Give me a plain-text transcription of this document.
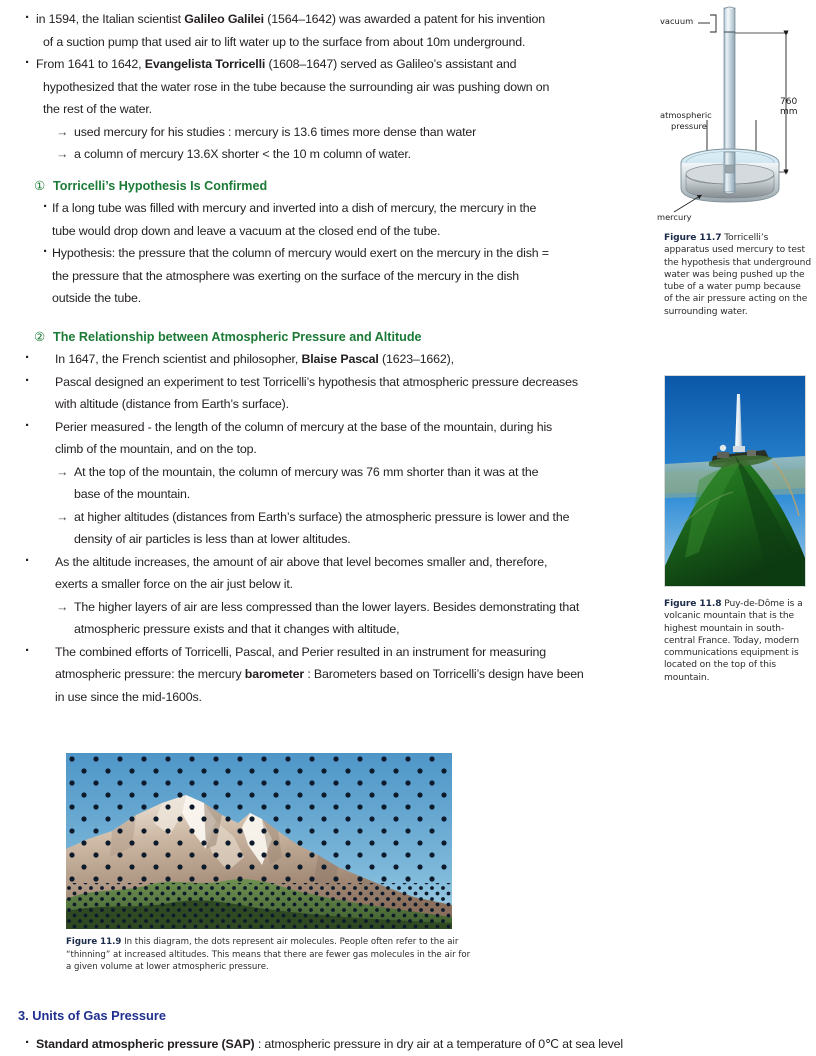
· in 1594, the Italian scientist Galileo Galilei (1564–1642) was awarded a patent for his invention
of a suction pump that used air to lift water up to the surface from about 10m underground.
· From 1641 to 1642, Evangelista Torricelli (1608–1647) served as Galileo’s assistant and
hypothesized that the water rose in the tube because the surrounding air was pushing down on
the rest of the water.
→ used mercury for his studies : mercury is 13.6 times more dense than water
→ a column of mercury 13.6X shorter < the 10 m column of water.
① Torricelli’s Hypothesis Is Confirmed
· If a long tube was filled with mercury and inverted into a dish of mercury, the mercury in the
tube would drop down and leave a vacuum at the closed end of the tube.
· Hypothesis: the pressure that the column of mercury would exert on the mercury in the dish =
the pressure that the atmosphere was exerting on the surface of the mercury in the dish
outside the tube.
② The Relationship between Atmospheric Pressure and Altitude
· In 1647, the French scientist and philosopher, Blaise Pascal (1623–1662),
· Pascal designed an experiment to test Torricelli’s hypothesis that atmospheric pressure decreases
with altitude (distance from Earth’s surface).
· Perier measured - the length of the column of mercury at the base of the mountain, during his
climb of the mountain, and on the top.
→ At the top of the mountain, the column of mercury was 76 mm shorter than it was at the
base of the mountain.
→ at higher altitudes (distances from Earth’s surface) the atmospheric pressure is lower and the
density of air particles is less than at lower altitudes.
· As the altitude increases, the amount of air above that level becomes smaller and, therefore,
exerts a smaller force on the air just below it.
→ The higher layers of air are less compressed than the lower layers. Besides demonstrating that
atmospheric pressure exists and that it changes with altitude,
· The combined efforts of Torricelli, Pascal, and Perier resulted in an instrument for measuring
atmospheric pressure: the mercury barometer : Barometers based on Torricelli’s design have been
in use since the mid-1600s.
vacuum
atmospheric
pressure
760 mm
mercury
Figure 11.7 Torricelli’s apparatus used mercury to test the hypothesis that underground water was being pushed up the tube of a water pump because of the air pressure acting on the surrounding water.
Figure 11.8 Puy-de-Dôme is a volcanic mountain that is the highest mountain in south-central France. Today, modern communications equipment is located on the top of this mountain.
Figure 11.9 In this diagram, the dots represent air molecules. People often refer to the air “thinning” at increased altitudes. This means that there are fewer gas molecules in the air for a given volume at lower atmospheric pressure.
3. Units of Gas Pressure
· Standard atmospheric pressure (SAP) : atmospheric pressure in dry air at a temperature of 0℃ at sea level
